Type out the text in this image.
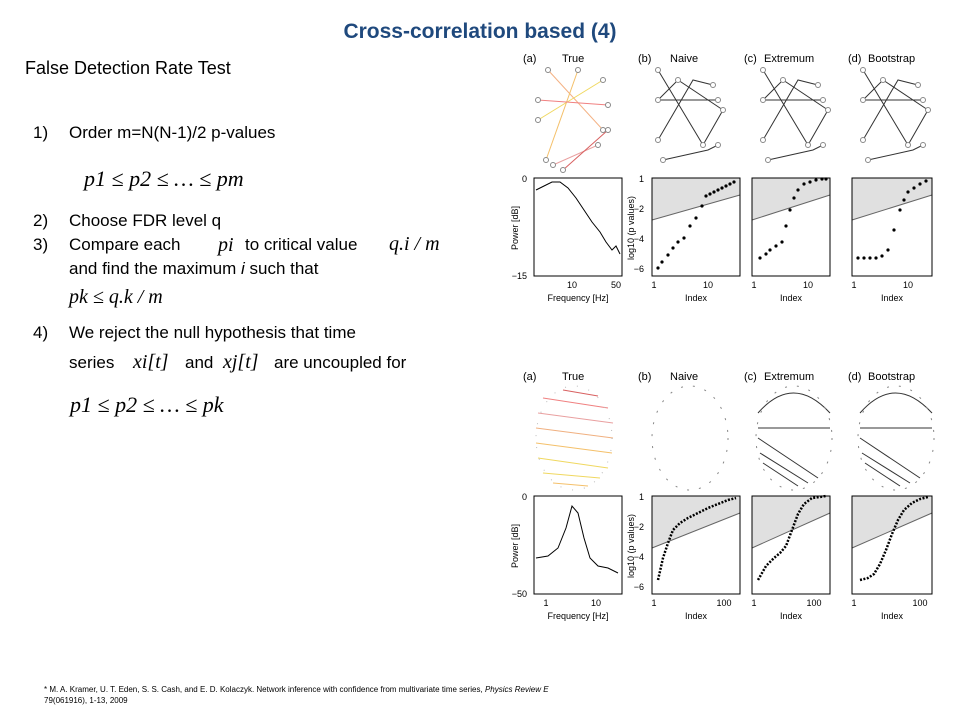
Cross-correlation based (4)
False Detection Rate Test
1) Order m=N(N-1)/2 p-values
p1 ≤ p2 ≤ … ≤ pm
2) Choose FDR level q
3) Compare each pi to critical value q.i / m
and find the maximum i such that
pk ≤ q.k / m
4) We reject the null hypothesis that time
series xi[t] and xj[t] are uncoupled for
p1 ≤ p2 ≤ … ≤ pk
* M. A. Kramer, U. T. Eden, S. S. Cash, and E. D. Kolaczyk. Network inference with confidence from multivariate time series, Physics Review E
79(061916), 1-13, 2009
(a) True	(b) Naive	(c) Extremum	(d) Bootstrap
0
−15
10	50
Frequency [Hz]
Power [dB]
1
−2
−4
−6
1	10
Index
log10 (p values)
1	10
Index
1	10
Index
(a) True	(b) Naive	(c) Extremum	(d) Bootstrap
0
−50
1	10
Frequency [Hz]
Power [dB]
1
−2
−4
−6
1	100
Index
log10 (p values)
1	100
Index
1	100
Index
